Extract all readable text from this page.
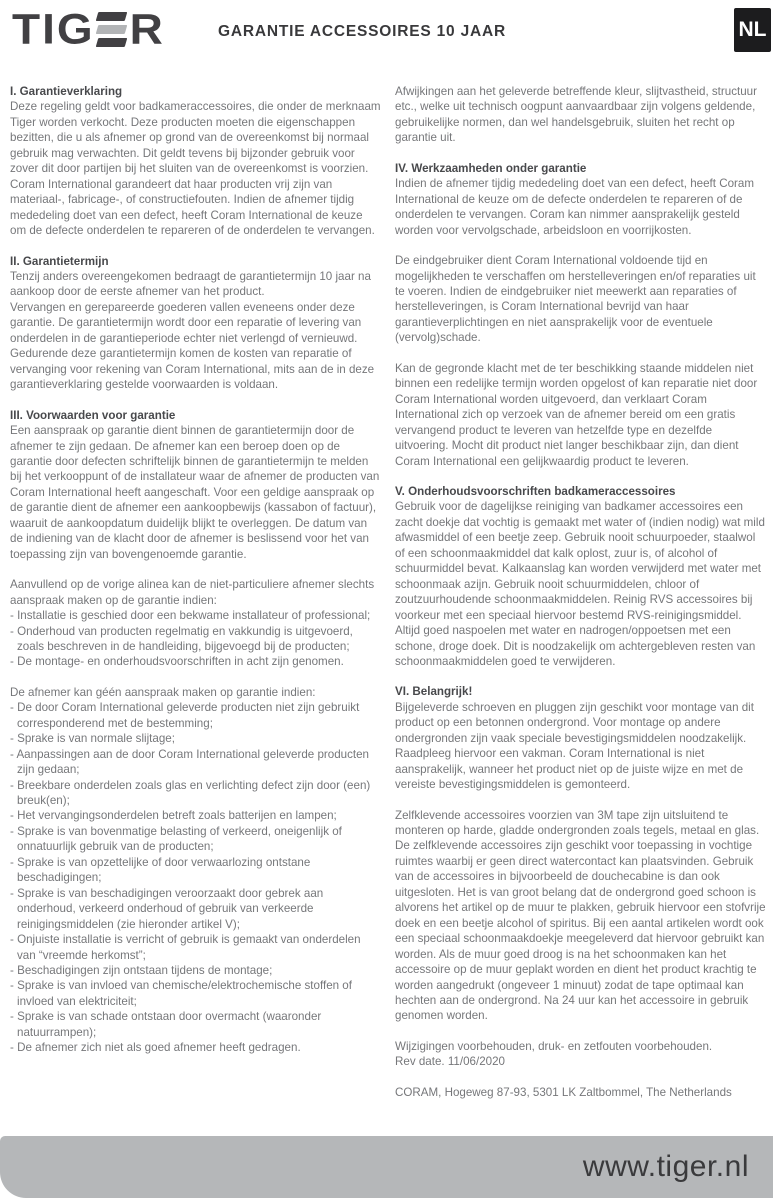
TIG R	GARANTIE ACCESSOIRES 10 JAAR	NL
I. Garantieverklaring

Deze regeling geldt voor badkameraccessoires, die onder de merknaam Tiger worden verkocht. Deze producten moeten die eigenschappen bezitten, die u als afnemer op grond van de overeenkomst bij normaal gebruik mag verwachten. Dit geldt tevens bij bijzonder gebruik voor zover dit door partijen bij het sluiten van de overeenkomst is voorzien. Coram International garandeert dat haar producten vrij zijn van materiaal-, fabricage-, of constructiefouten. Indien de afnemer tijdig mededeling doet van een defect, heeft Coram International de keuze om de defecte onderdelen te repareren of de onderdelen te vervangen.

II. Garantietermijn

Tenzij anders overeengekomen bedraagt de garantietermijn 10 jaar na aankoop door de eerste afnemer van het product.

Vervangen en gerepareerde goederen vallen eveneens onder deze garantie. De garantietermijn wordt door een reparatie of levering van onderdelen in de garantieperiode echter niet verlengd of vernieuwd.

Gedurende deze garantietermijn komen de kosten van reparatie of vervanging voor rekening van Coram International, mits aan de in deze garantieverklaring gestelde voorwaarden is voldaan.

III. Voorwaarden voor garantie

Een aanspraak op garantie dient binnen de garantietermijn door de afnemer te zijn gedaan. De afnemer kan een beroep doen op de garantie door defecten schriftelijk binnen de garantietermijn te melden bij het verkooppunt of de installateur waar de afnemer de producten van Coram International heeft aangeschaft. Voor een geldige aanspraak op de garantie dient de afnemer een aankoopbewijs (kassabon of factuur), waaruit de aankoopdatum duidelijk blijkt te overleggen. De datum van de indiening van de klacht door de afnemer is beslissend voor het van toepassing zijn van bovengenoemde garantie.

Aanvullend op de vorige alinea kan de niet-particuliere afnemer slechts aanspraak maken op de garantie indien:

- Installatie is geschied door een bekwame installateur of professional;

- Onderhoud van producten regelmatig en vakkundig is uitgevoerd, zoals beschreven in de handleiding, bijgevoegd bij de producten;

- De montage- en onderhoudsvoorschriften in acht zijn genomen.

De afnemer kan géén aanspraak maken op garantie indien:

- De door Coram International geleverde producten niet zijn gebruikt corresponderend met de bestemming;

- Sprake is van normale slijtage;

- Aanpassingen aan de door Coram International geleverde producten zijn gedaan;

- Breekbare onderdelen zoals glas en verlichting defect zijn door (een) breuk(en);

- Het vervangingsonderdelen betreft zoals batterijen en lampen;

- Sprake is van bovenmatige belasting of verkeerd, oneigenlijk of onnatuurlijk gebruik van de producten;

- Sprake is van opzettelijke of door verwaarlozing ontstane beschadigingen;

- Sprake is van beschadigingen veroorzaakt door gebrek aan onderhoud, verkeerd onderhoud of gebruik van verkeerde reinigingsmiddelen (zie hieronder artikel V);

- Onjuiste installatie is verricht of gebruik is gemaakt van onderdelen van “vreemde herkomst”;

- Beschadigingen zijn ontstaan tijdens de montage;

- Sprake is van invloed van chemische/elektrochemische stoffen of invloed van elektriciteit;

- Sprake is van schade ontstaan door overmacht (waaronder natuurrampen);

- De afnemer zich niet als goed afnemer heeft gedragen.

Afwijkingen aan het geleverde betreffende kleur, slijtvastheid, structuur etc., welke uit technisch oogpunt aanvaardbaar zijn volgens geldende, gebruikelijke normen, dan wel handelsgebruik, sluiten het recht op garantie uit.

IV. Werkzaamheden onder garantie

Indien de afnemer tijdig mededeling doet van een defect, heeft Coram International de keuze om de defecte onderdelen te repareren of de onderdelen te vervangen. Coram kan nimmer aansprakelijk gesteld worden voor vervolgschade, arbeidsloon en voorrijkosten.

De eindgebruiker dient Coram International voldoende tijd en mogelijkheden te verschaffen om herstelleveringen en/of reparaties uit te voeren. Indien de eindgebruiker niet meewerkt aan reparaties of herstelleveringen, is Coram International bevrijd van haar garantieverplichtingen en niet aansprakelijk voor de eventuele (vervolg)schade.

Kan de gegronde klacht met de ter beschikking staande middelen niet binnen een redelijke termijn worden opgelost of kan reparatie niet door Coram International worden uitgevoerd, dan verklaart Coram International zich op verzoek van de afnemer bereid om een gratis vervangend product te leveren van hetzelfde type en dezelfde uitvoering. Mocht dit product niet langer beschikbaar zijn, dan dient Coram International een gelijkwaardig product te leveren.

V. Onderhoudsvoorschriften badkameraccessoires

Gebruik voor de dagelijkse reiniging van badkamer accessoires een zacht doekje dat vochtig is gemaakt met water of (indien nodig) wat mild afwasmiddel of een beetje zeep. Gebruik nooit schuurpoeder, staalwol of een schoonmaakmiddel dat kalk oplost, zuur is, of alcohol of schuurmiddel bevat. Kalkaanslag kan worden verwijderd met water met schoonmaak azijn. Gebruik nooit schuurmiddelen, chloor of zoutzuurhoudende schoonmaakmiddelen. Reinig RVS accessoires bij voorkeur met een speciaal hiervoor bestemd RVS-reinigingsmiddel. Altijd goed naspoelen met water en nadrogen/oppoetsen met een schone, droge doek. Dit is noodzakelijk om achtergebleven resten van schoonmaakmiddelen goed te verwijderen.

VI. Belangrijk!

Bijgeleverde schroeven en pluggen zijn geschikt voor montage van dit product op een betonnen ondergrond. Voor montage op andere ondergronden zijn vaak speciale bevestigingsmiddelen noodzakelijk. Raadpleeg hiervoor een vakman. Coram International is niet aansprakelijk, wanneer het product niet op de juiste wijze en met de vereiste bevestigingsmiddelen is gemonteerd.

Zelfklevende accessoires voorzien van 3M tape zijn uitsluitend te monteren op harde, gladde ondergronden zoals tegels, metaal en glas. De zelfklevende accessoires zijn geschikt voor toepassing in vochtige ruimtes waarbij er geen direct watercontact kan plaatsvinden. Gebruik van de accessoires in bijvoorbeeld de douchecabine is dan ook uitgesloten. Het is van groot belang dat de ondergrond goed schoon is alvorens het artikel op de muur te plakken, gebruik hiervoor een stofvrije doek en een beetje alcohol of spiritus. Bij een aantal artikelen wordt ook een speciaal schoonmaakdoekje meegeleverd dat hiervoor gebruikt kan worden. Als de muur goed droog is na het schoonmaken kan het accessoire op de muur geplakt worden en dient het product krachtig te worden aangedrukt (ongeveer 1 minuut) zodat de tape optimaal kan hechten aan de ondergrond. Na 24 uur kan het accessoire in gebruik genomen worden.

Wijzigingen voorbehouden, druk- en zetfouten voorbehouden.

Rev date. 11/06/2020

CORAM, Hogeweg 87-93, 5301 LK Zaltbommel, The Netherlands

www.tiger.nl
